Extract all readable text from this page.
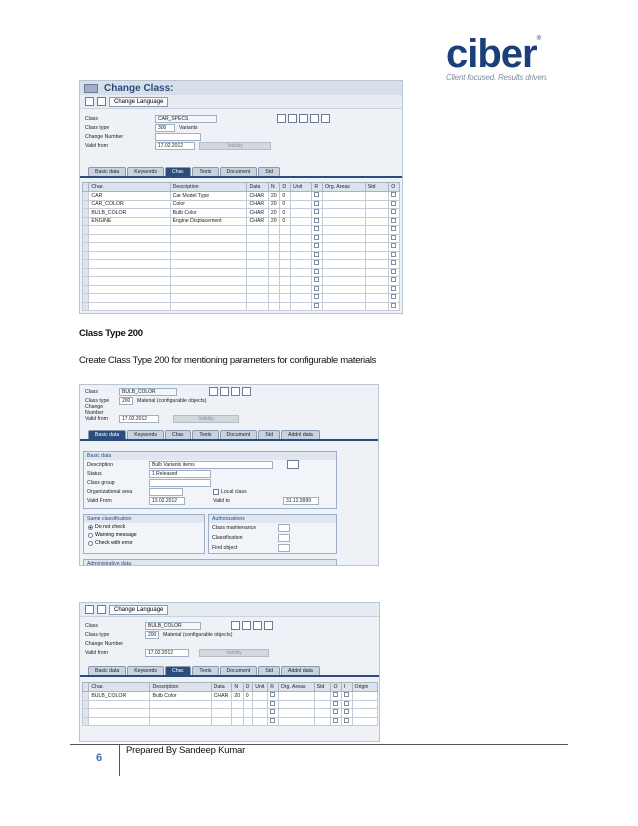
ciber®
Client focused. Results driven.
Change Class:
Change Language
Class	CAR_SPECS
Class type	300	Variants
Change Number
Valid from	17.02.2012	Validity
Basic data	Keywords	Char.	Texts	Document	Std
	Char.	Description	Data	N	D	Unit	R	Org. Areas	Std	O
	CAR	Car Model Type	CHAR	20	0					
	CAR_COLOR	Color	CHAR	20	0					
	BULB_COLOR	Bulb Color	CHAR	20	0					
	ENGINE	Engine Displacement	CHAR	20	0					

Class Type 200
Create Class Type 200 for mentioning parameters for configurable materials
Class	BULB_COLOR
Class type	200	Material (configurable objects)
Change Number
Valid from	17.02.2012	Validity
Basic data	Keywords	Char.	Texts	Document	Std	Addnl data
Basic data
Description	Bulb Variants items
Status	1 Released
Class group
Organizational area	Local class
Valid From	13.02.2012	Valid to	31.12.9999
Same classification
Do not check
Warning message
Check with error
Authorizations
Class maintenance
Classification
Find object
Administrative data
Change Language
Class	BULB_COLOR
Class type	200	Material (configurable objects)
Change Number
Valid from	17.02.2012	Validity
Basic data	Keywords	Char.	Texts	Document	Std	Addnl data
	Char.	Description	Data	N	D	Unit	R	Org. Areas	Std	O	I	Origin
	BULB_COLOR	Bulb Color	CHAR	20	0							

6
Prepared By Sandeep Kumar
